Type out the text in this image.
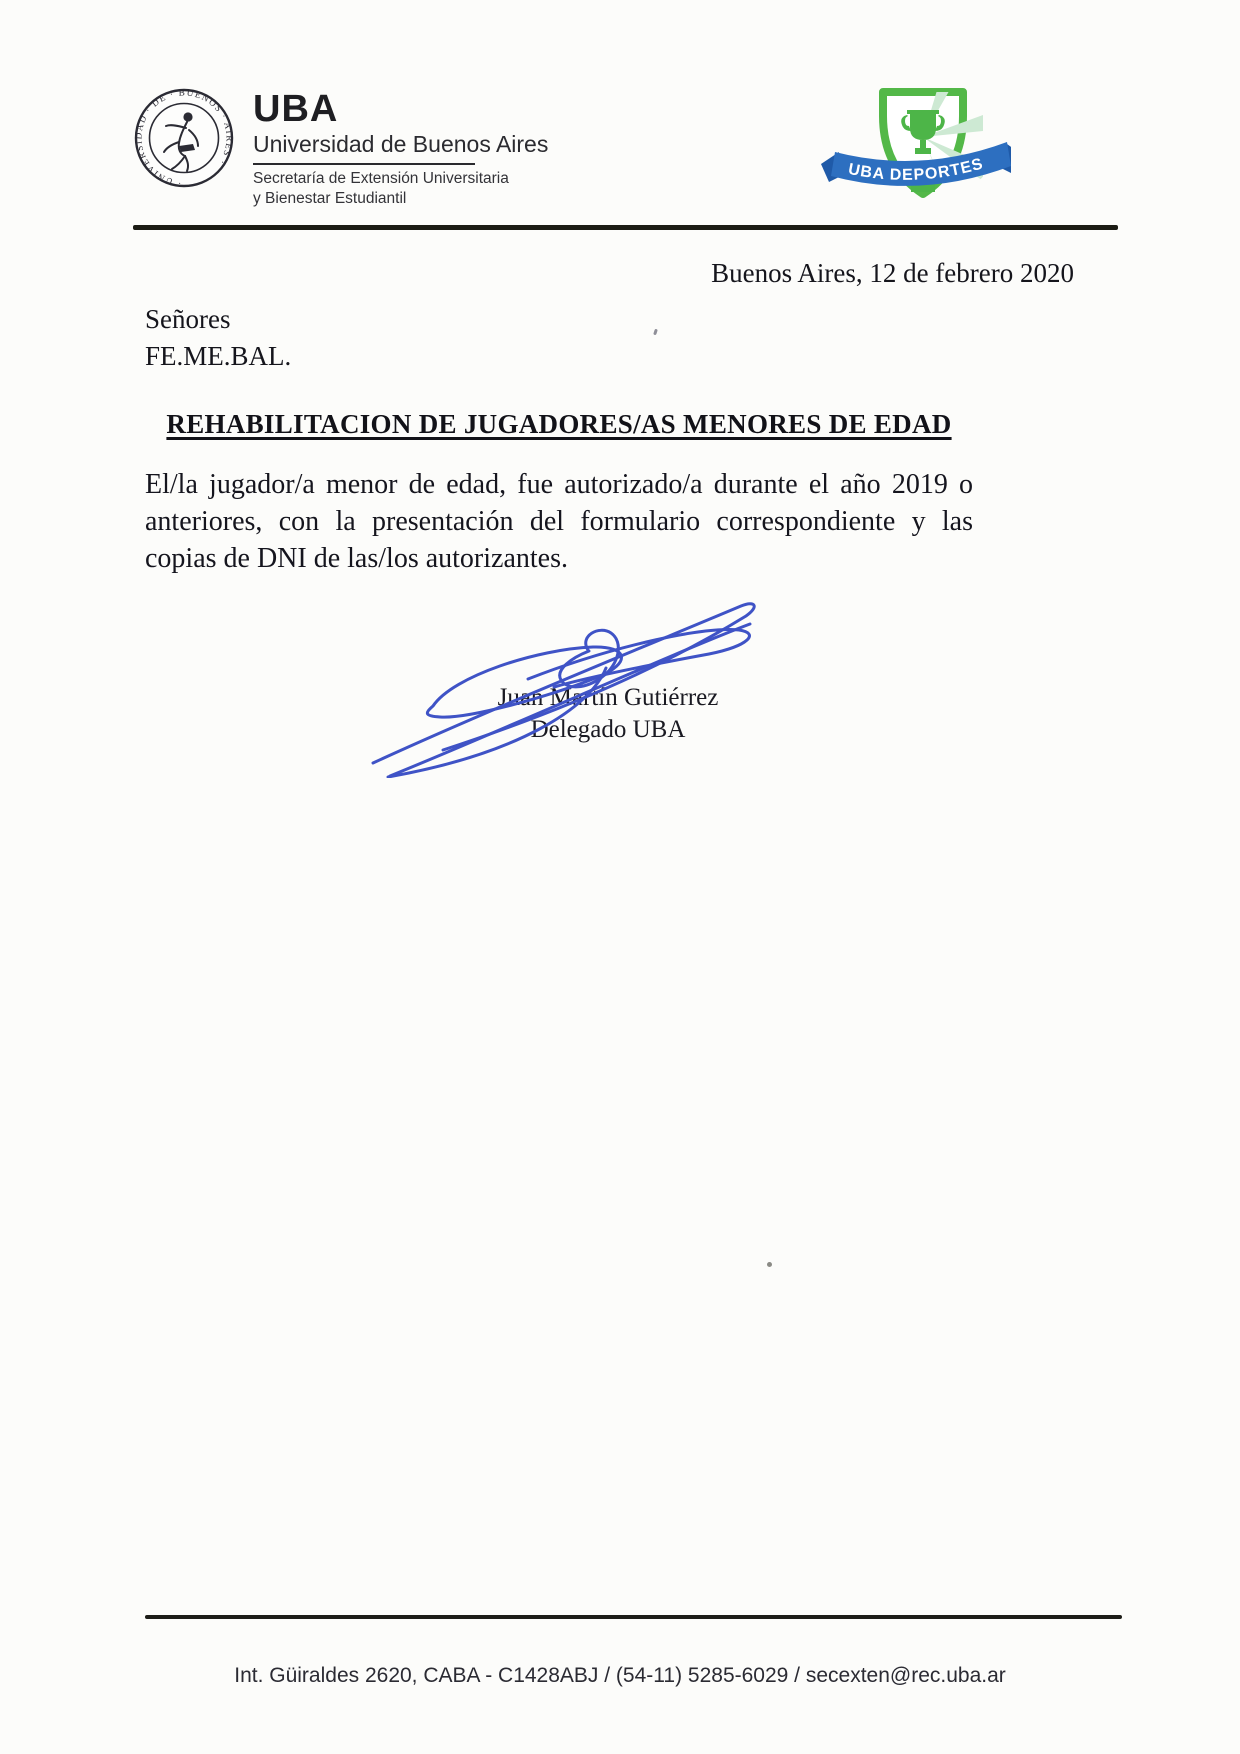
· UNIVERSIDAD · DE · BUENOS · AIRES ·
UBA
Universidad de Buenos Aires
Secretaría de Extensión Universitaria
y Bienestar Estudiantil
UBA DEPORTES
Buenos Aires, 12 de febrero 2020
Señores
FE.ME.BAL.
REHABILITACION DE JUGADORES/AS MENORES DE EDAD

El/la jugador/a menor de edad, fue autorizado/a durante el año 2019 o anteriores, con la presentación del formulario correspondiente y las copias de DNI de las/los autorizantes.

Juan Martín Gutiérrez
Delegado UBA
Int. Güiraldes 2620, CABA - C1428ABJ / (54-11) 5285-6029 / secexten@rec.uba.ar
